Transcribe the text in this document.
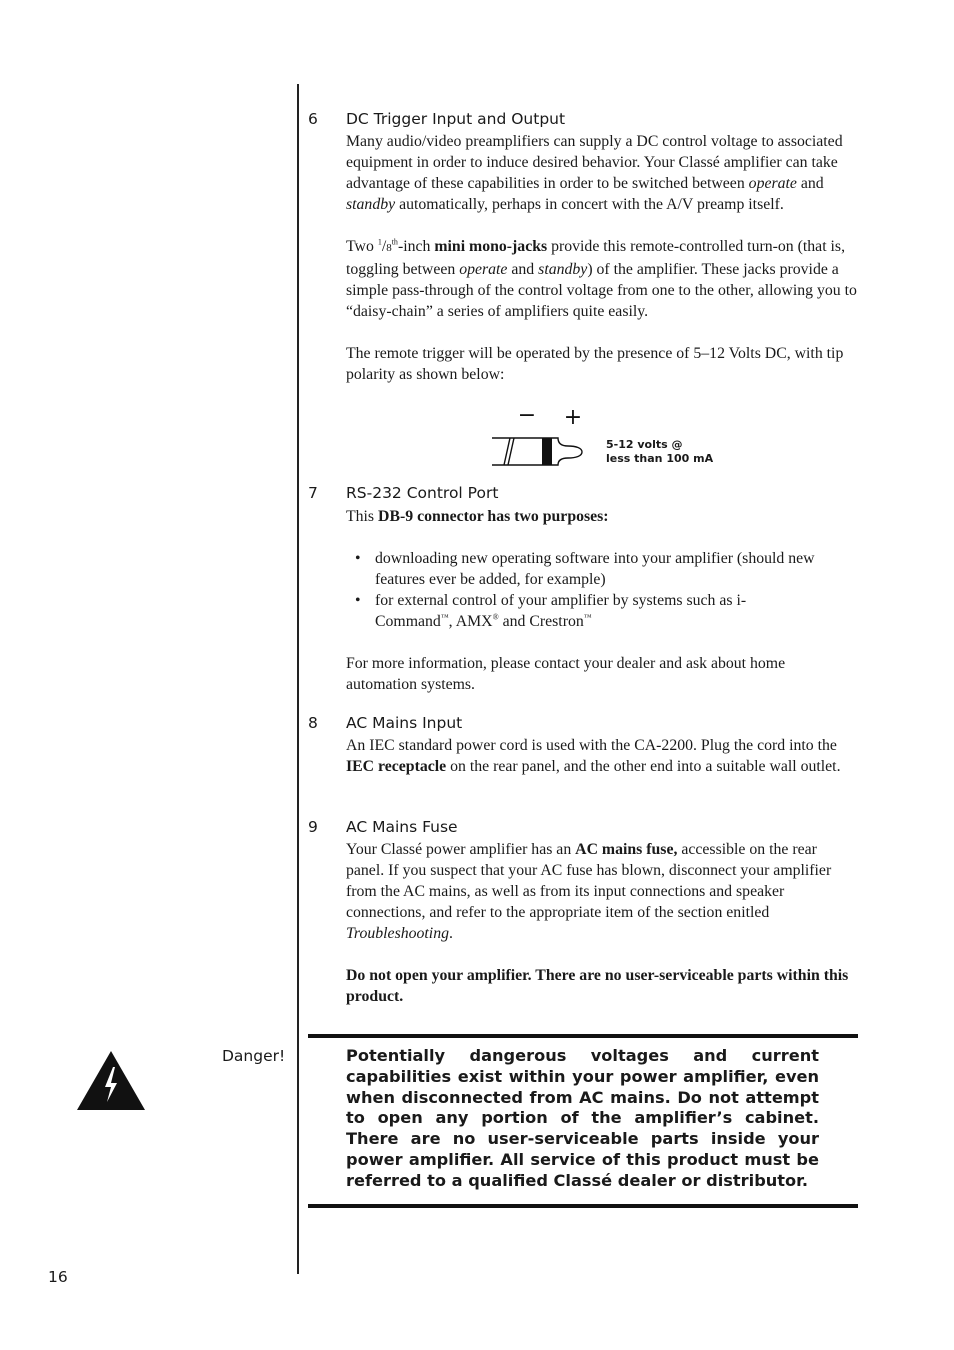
6 DC Trigger Input and Output

Many audio/video preamplifiers can supply a DC control voltage to associated equipment in order to induce desired behavior. Your Classé amplifier can take advantage of these capabilities in order to be switched between operate and standby automatically, perhaps in concert with the A/V preamp itself.

Two $^1$/8th-inch mini mono-jacks provide this remote-controlled turn-on (that is, toggling between operate and standby) of the amplifier. These jacks provide a simple pass-through of the control voltage from one to the other, allowing you to “daisy-chain” a series of amplifiers quite easily.

The remote trigger will be operated by the presence of 5–12 Volts DC, with tip polarity as shown below:

− +
5-12 volts @
less than 100 mA
7 RS-232 Control Port

This DB-9 connector has two purposes:

• downloading new operating software into your amplifier (should new features ever be added, for example)
• for external control of your amplifier by systems such as i-Command™, AMX® and Crestron™

For more information, please contact your dealer and ask about home automation systems.

8 AC Mains Input

An IEC standard power cord is used with the CA-2200. Plug the cord into the IEC receptacle on the rear panel, and the other end into a suitable wall outlet.

9 AC Mains Fuse

Your Classé power amplifier has an AC mains fuse, accessible on the rear panel. If you suspect that your AC fuse has blown, disconnect your amplifier from the AC mains, as well as from its input connections and speaker connections, and refer to the appropriate item of the section enitled Troubleshooting.

Do not open your amplifier. There are no user-serviceable parts within this product.

Danger!	Potentially dangerous voltages and current capabilities exist within your power amplifier, even when disconnected from AC mains. Do not attempt to open any portion of the amplifier’s cabinet. There are no user-serviceable parts inside your power amplifier. All service of this product must be referred to a qualified Classé dealer or distributor.
16
